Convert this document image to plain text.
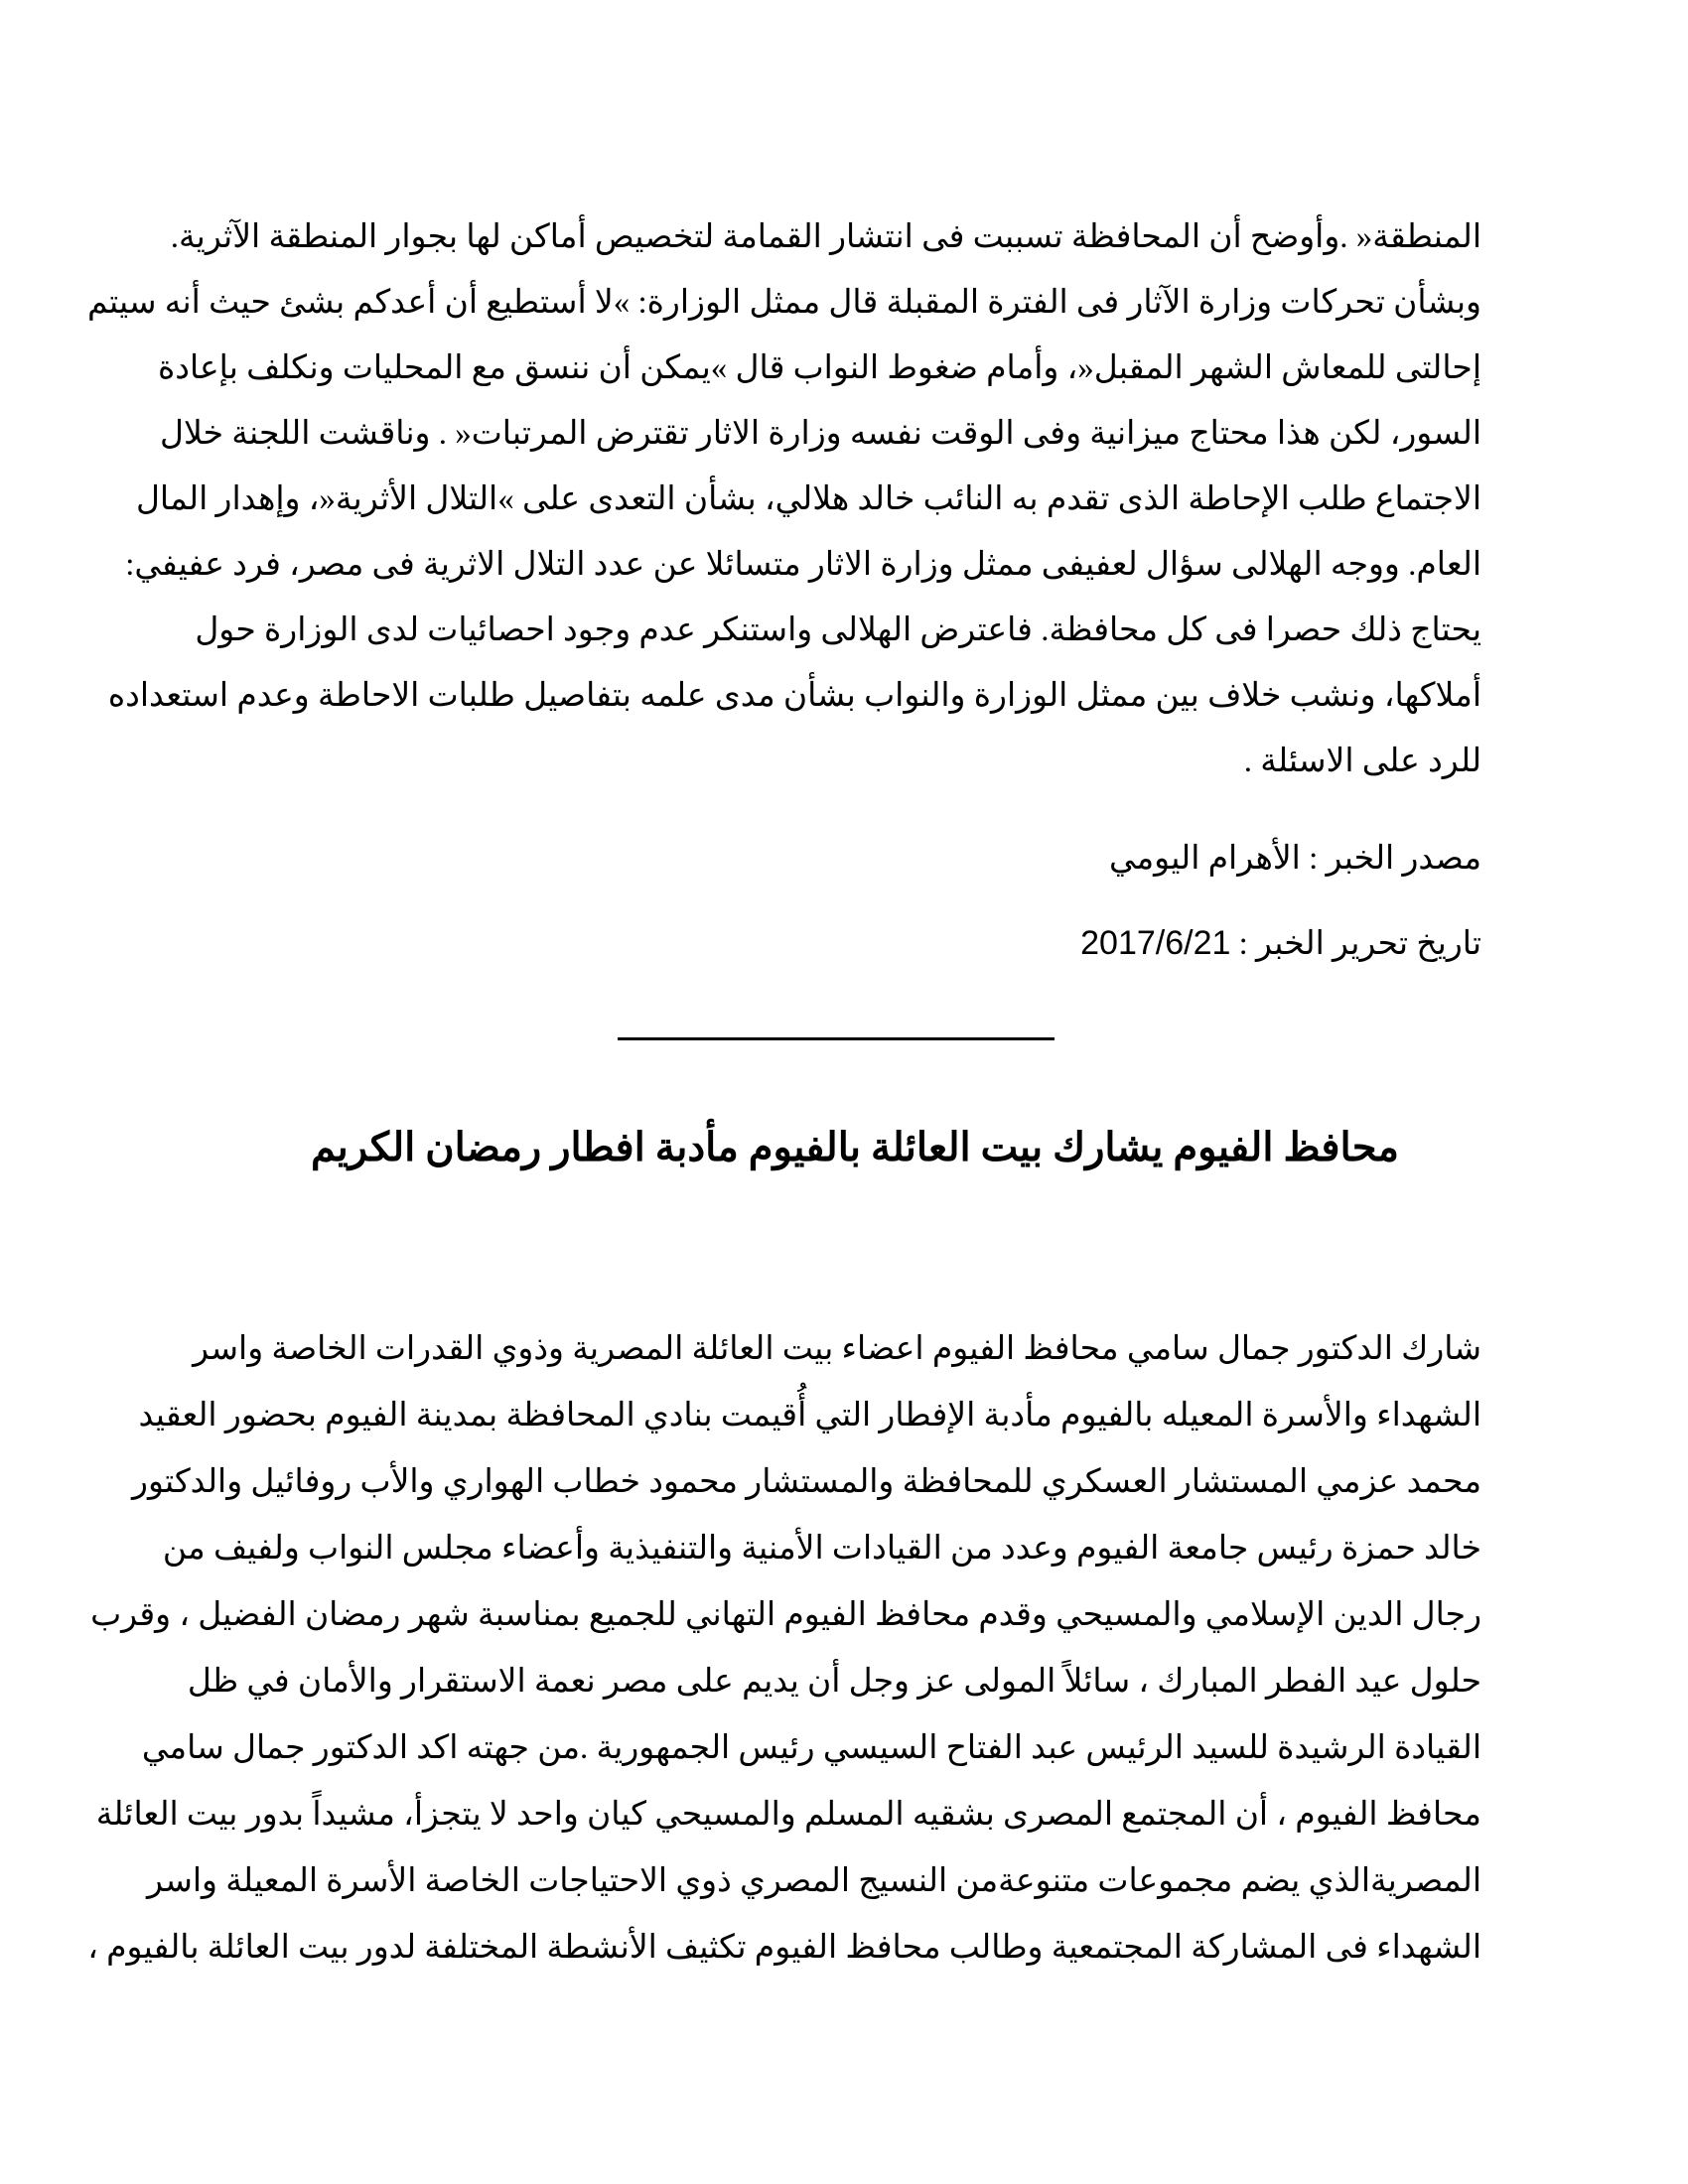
المنطقة« .وأوضح أن المحافظة تسببت فى انتشار القمامة لتخصيص أماكن لها بجوار المنطقة الآثرية.
وبشأن تحركات وزارة الآثار فى الفترة المقبلة قال ممثل الوزارة: »لا أستطيع أن أعدكم بشئ حيث أنه سيتم
إحالتى للمعاش الشهر المقبل«، وأمام ضغوط النواب قال »يمكن أن ننسق مع المحليات ونكلف بإعادة
السور، لكن هذا محتاج ميزانية وفى الوقت نفسه وزارة الاثار تقترض المرتبات« . وناقشت اللجنة خلال
الاجتماع طلب الإحاطة الذى تقدم به النائب خالد هلالي، بشأن التعدى على »التلال الأثرية«، وإهدار المال
العام. ووجه الهلالى سؤال لعفيفى ممثل وزارة الاثار متسائلا عن عدد التلال الاثرية فى مصر، فرد عفيفي:
يحتاج ذلك حصرا فى كل محافظة. فاعترض الهلالى واستنكر عدم وجود احصائيات لدى الوزارة حول
أملاكها، ونشب خلاف بين ممثل الوزارة والنواب بشأن مدى علمه بتفاصيل طلبات الاحاطة وعدم استعداده
للرد على الاسئلة .
مصدر الخبر : الأهرام اليومي
تاريخ تحرير الخبر : 2017/6/21
محافظ الفيوم يشارك بيت العائلة بالفيوم مأدبة افطار رمضان الكريم
شارك الدكتور جمال سامي محافظ الفيوم اعضاء بيت العائلة المصرية وذوي القدرات الخاصة واسر
الشهداء والأسرة المعيله بالفيوم مأدبة الإفطار التي أُقيمت بنادي المحافظة بمدينة الفيوم بحضور العقيد
محمد عزمي المستشار العسكري للمحافظة والمستشار محمود خطاب الهواري والأب روفائيل والدكتور
خالد حمزة رئيس جامعة الفيوم وعدد من القيادات الأمنية والتنفيذية وأعضاء مجلس النواب ولفيف من
رجال الدين الإسلامي والمسيحي وقدم محافظ الفيوم التهاني للجميع بمناسبة شهر رمضان الفضيل ، وقرب
حلول عيد الفطر المبارك ، سائلاً المولى عز وجل أن يديم على مصر نعمة الاستقرار والأمان في ظل
القيادة الرشيدة للسيد الرئيس عبد الفتاح السيسي رئيس الجمهورية .من جهته اكد الدكتور جمال سامي
محافظ الفيوم ، أن المجتمع المصرى بشقيه المسلم والمسيحي كيان واحد لا يتجزأ، مشيداً بدور بيت العائلة
المصريةالذي يضم مجموعات متنوعةمن النسيج المصري ذوي الاحتياجات الخاصة الأسرة المعيلة واسر
الشهداء فى المشاركة المجتمعية وطالب محافظ الفيوم تكثيف الأنشطة المختلفة لدور بيت العائلة بالفيوم ،
